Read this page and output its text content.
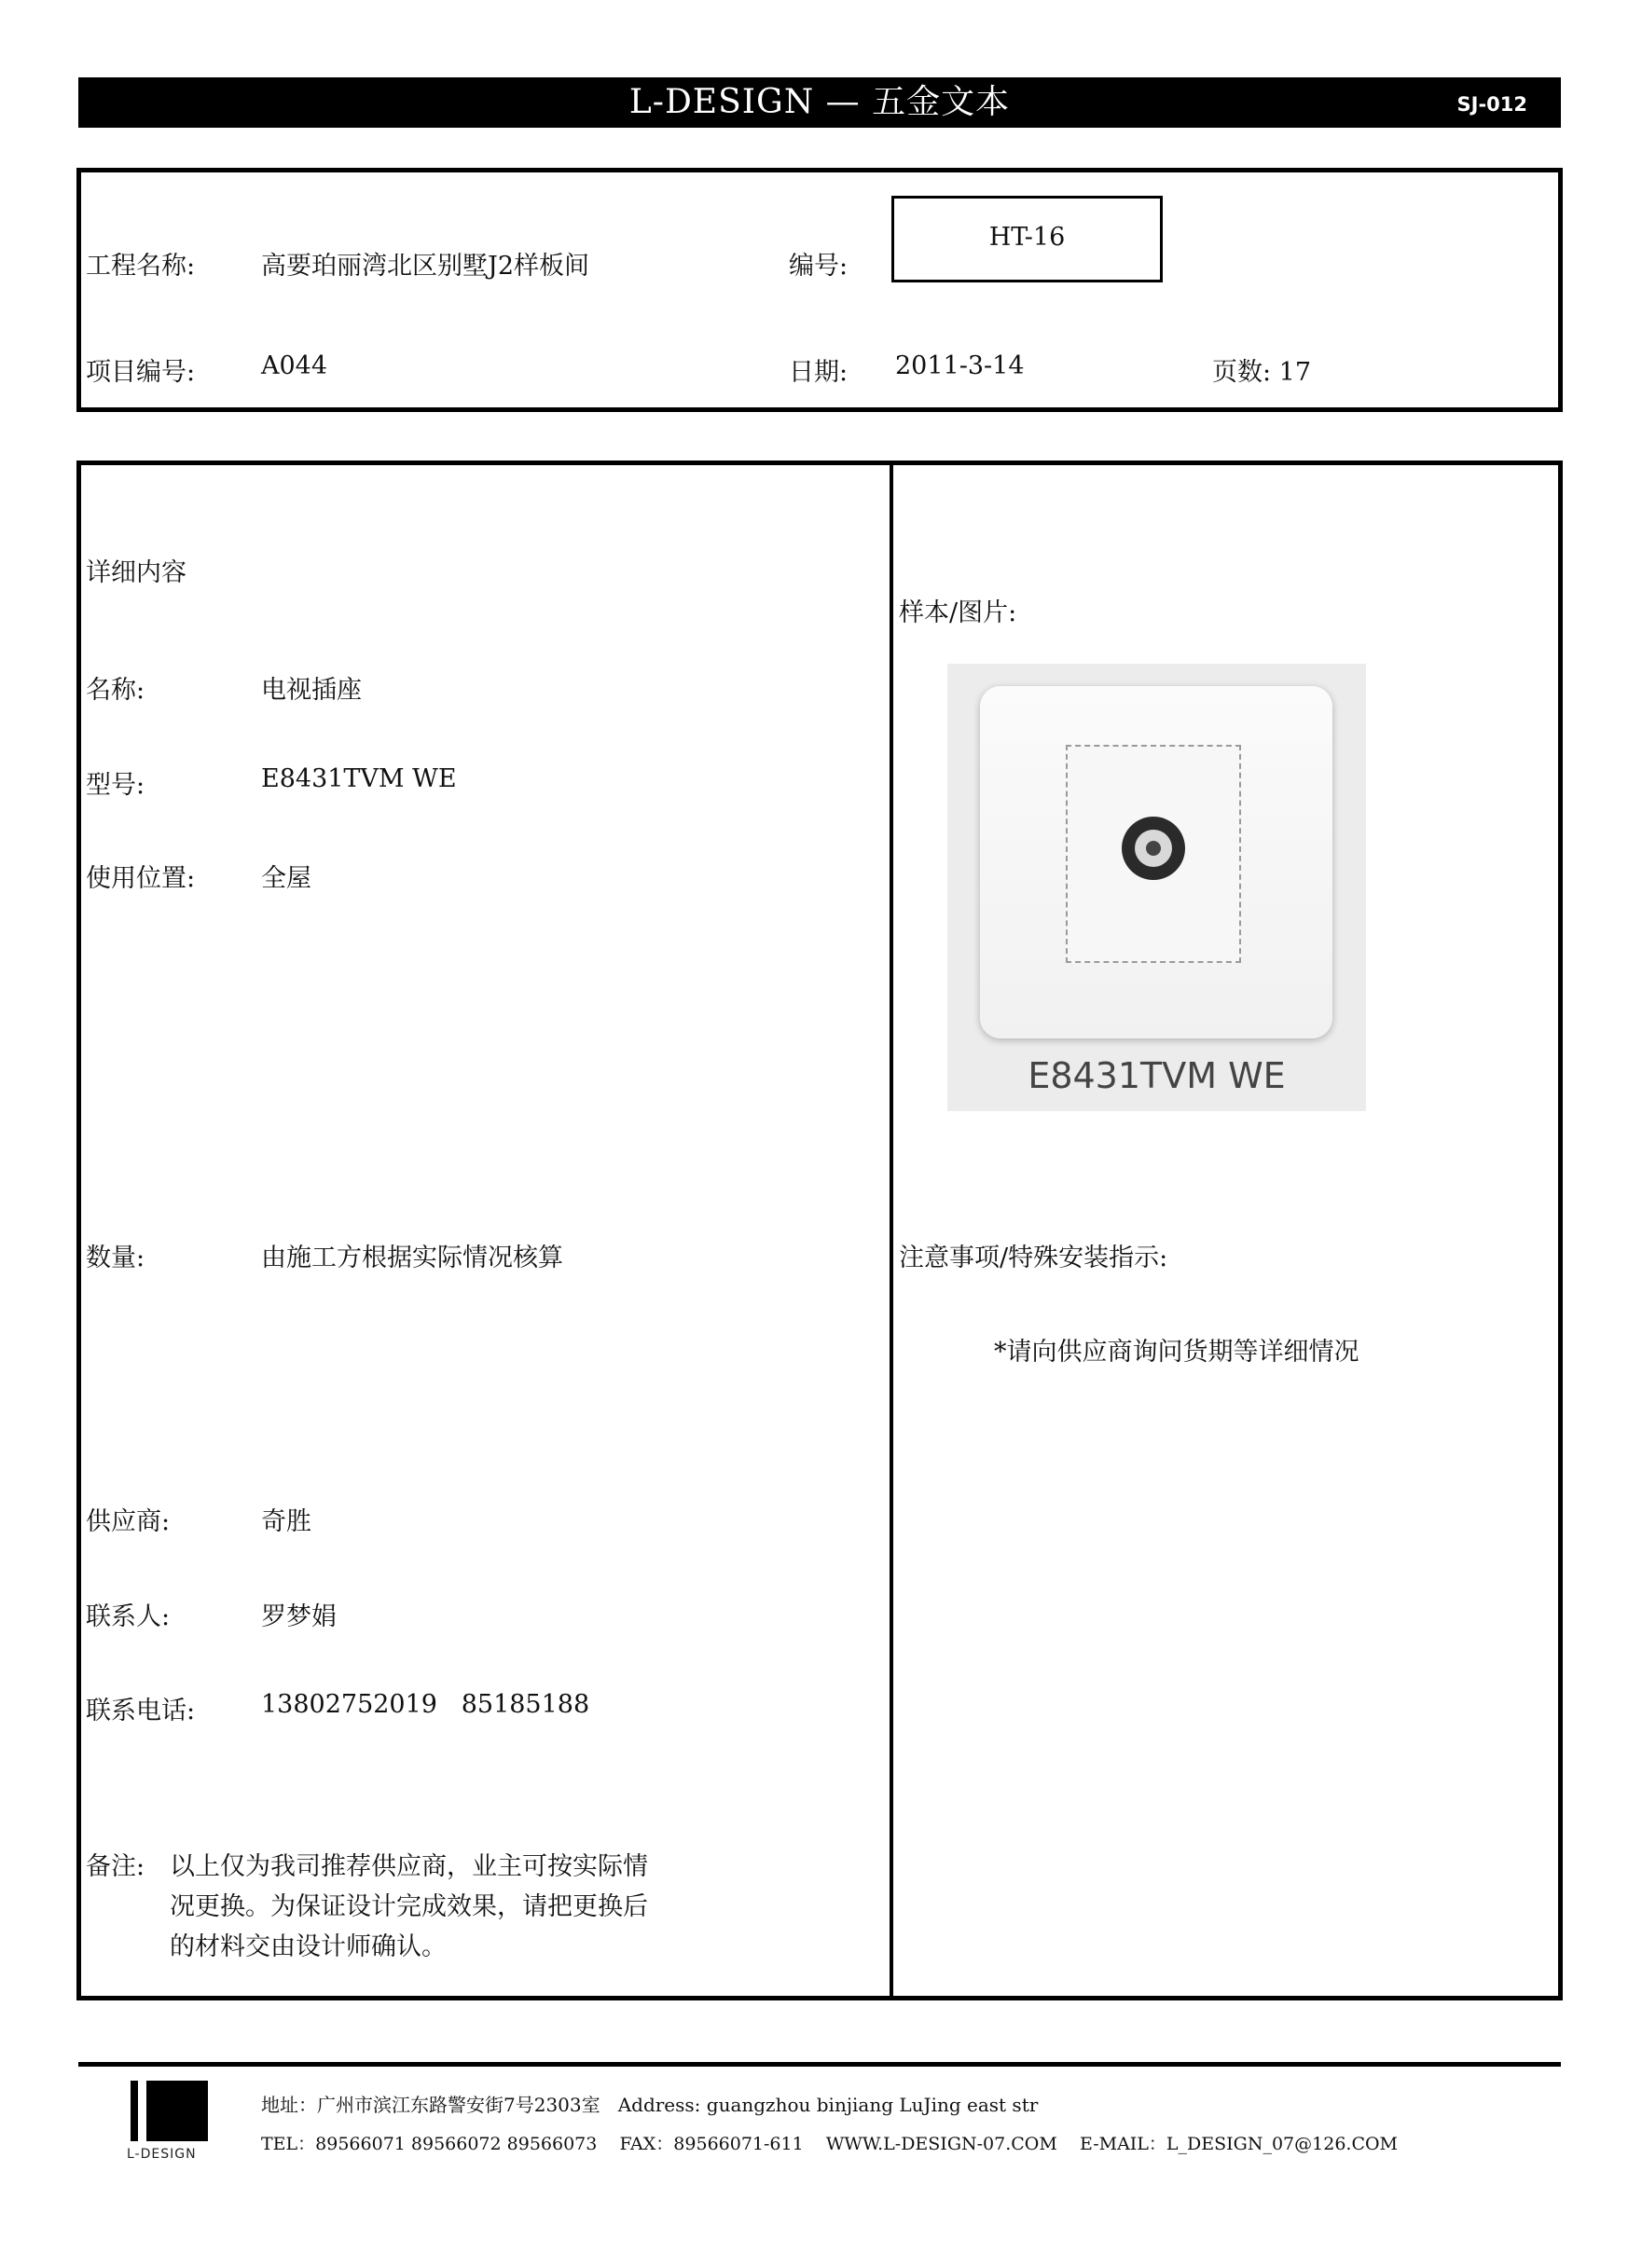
L-DESIGN — 五金文本	SJ-012
工程名称:	高要珀丽湾北区别墅J2样板间	编号:
HT-16
项目编号:	A044	日期: 2011-3-14	页数: 17
详细内容
名称:	电视插座
型号:	E8431TVM WE
使用位置:	全屋
数量:	由施工方根据实际情况核算
供应商:	奇胜
联系人:	罗梦娟
联系电话:	13802752019   85185188
备注: 以上仅为我司推荐供应商，业主可按实际情
况更换。为保证设计完成效果，请把更换后
的材料交由设计师确认。
样本/图片:
E8431TVM WE
注意事项/特殊安装指示:
*请向供应商询问货期等详细情况
L-DESIGN
地址：广州市滨江东路警安街7号2303室   Address: guangzhou binjiang LuJing east str
TEL：89566071 89566072 89566073    FAX：89566071-611    WWW.L-DESIGN-07.COM    E-MAIL：L_DESIGN_07@126.COM
